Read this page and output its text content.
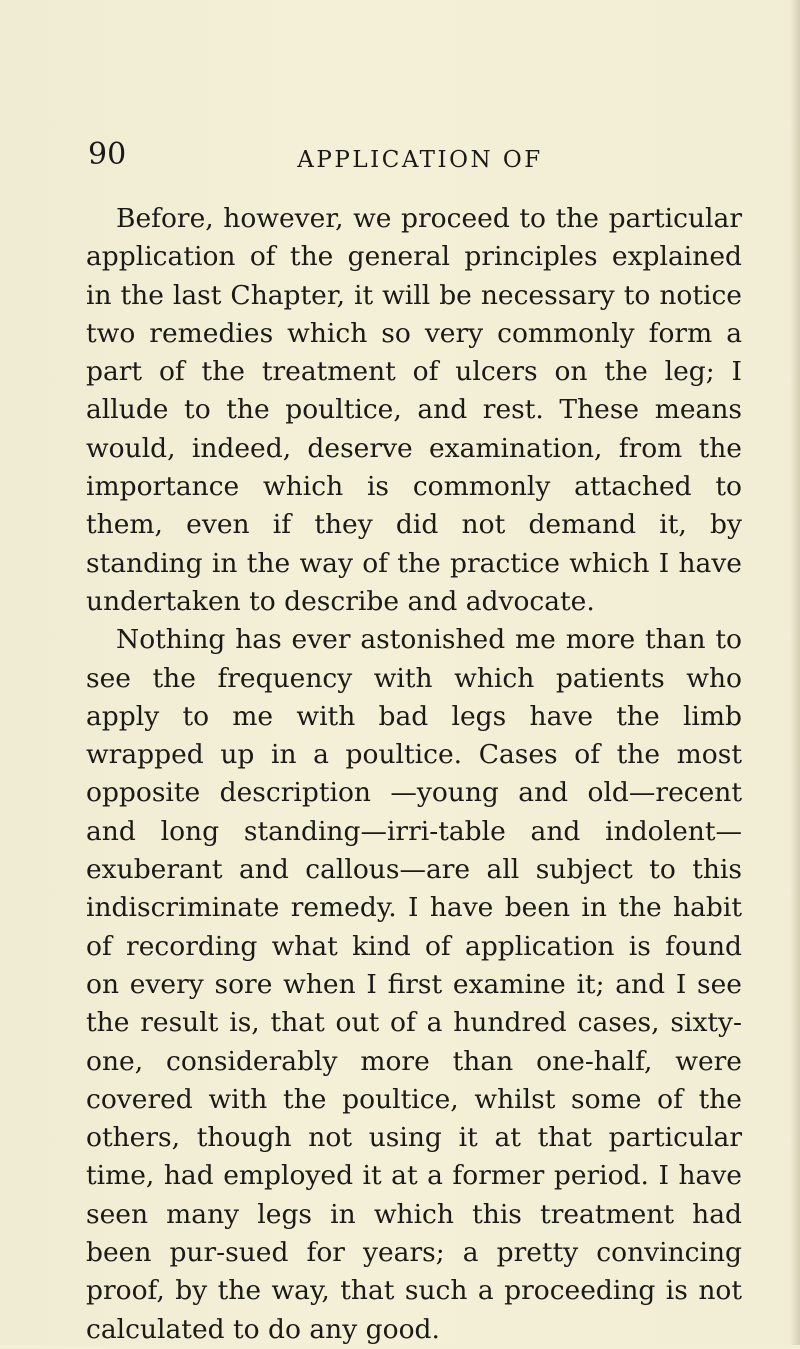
90	APPLICATION OF

Before, however, we proceed to the particular application of the general principles explained in the last Chapter, it will be necessary to notice two remedies which so very commonly form a part of the treatment of ulcers on the leg; I allude to the poultice, and rest. These means would, indeed, deserve examination, from the importance which is commonly attached to them, even if they did not demand it, by standing in the way of the practice which I have undertaken to describe and advocate.

Nothing has ever astonished me more than to see the frequency with which patients who apply to me with bad legs have the limb wrapped up in a poultice. Cases of the most opposite description —young and old—recent and long standing—irri-table and indolent—exuberant and callous—are all subject to this indiscriminate remedy. I have been in the habit of recording what kind of application is found on every sore when I first examine it; and I see the result is, that out of a hundred cases, sixty-one, considerably more than one-half, were covered with the poultice, whilst some of the others, though not using it at that particular time, had employed it at a former period. I have seen many legs in which this treatment had been pur-sued for years; a pretty convincing proof, by the way, that such a proceeding is not calculated to do any good.
